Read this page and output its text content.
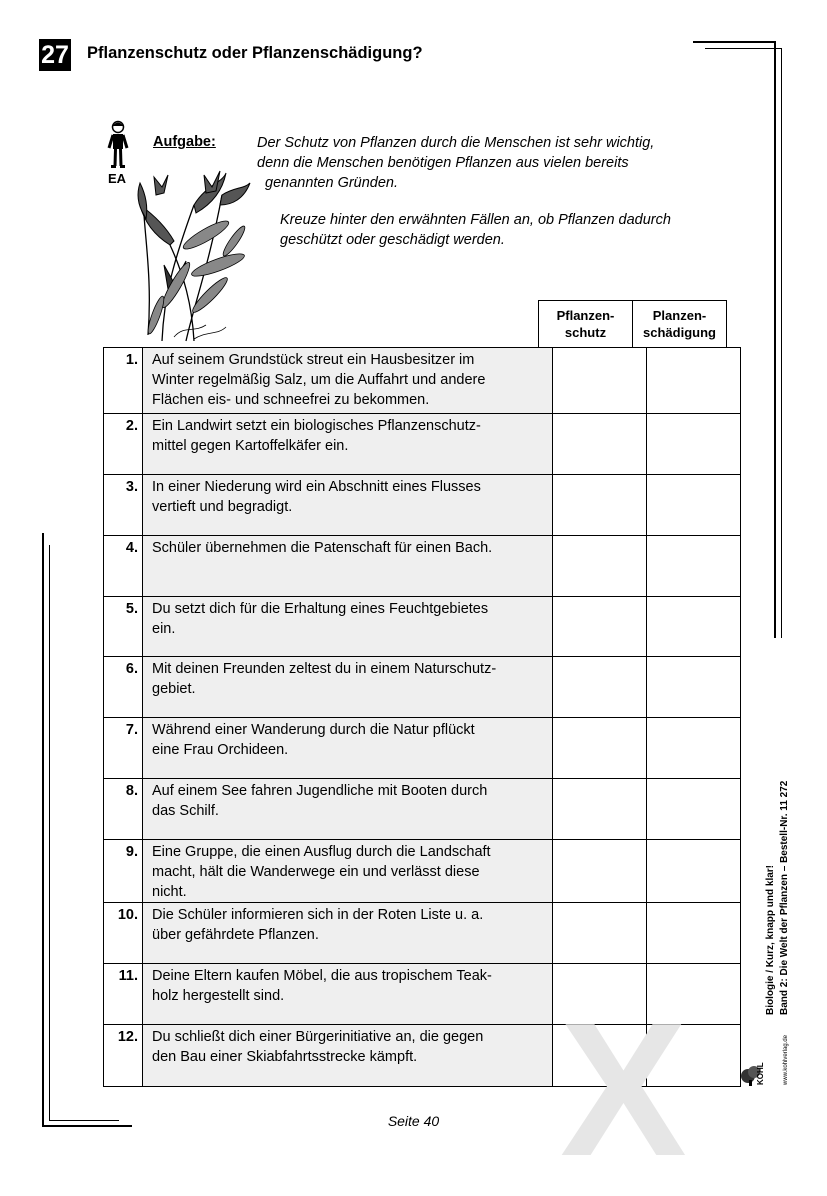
27 Pflanzenschutz oder Pflanzenschädigung?
EA
Aufgabe:	Der Schutz von Pflanzen durch die Menschen ist sehr wichtig,
denn die Menschen benötigen Pflanzen aus vielen bereits
genannten Gründen.
Kreuze hinter den erwähnten Fällen an, ob Pflanzen dadurch
geschützt oder geschädigt werden.
Pflanzen-
schutz	Planzen-
schädigung
1.	Auf seinem Grundstück streut ein Hausbesitzer im
Winter regelmäßig Salz, um die Auffahrt und andere
Flächen eis- und schneefrei zu bekommen.		

2.	Ein Landwirt setzt ein biologisches Pflanzenschutz-
mittel gegen Kartoffelkäfer ein.		

3.	In einer Niederung wird ein Abschnitt eines Flusses
vertieft und begradigt.		

4.	Schüler übernehmen die Patenschaft für einen Bach.		

5.	Du setzt dich für die Erhaltung eines Feuchtgebietes
ein.		

6.	Mit deinen Freunden zeltest du in einem Naturschutz-
gebiet.		

7.	Während einer Wanderung durch die Natur pflückt
eine Frau Orchideen.		

8.	Auf einem See fahren Jugendliche mit Booten durch
das Schilf.		

9.	Eine Gruppe, die einen Ausflug durch die Landschaft
macht, hält die Wanderwege ein und verlässt diese
nicht.		

10.	Die Schüler informieren sich in der Roten Liste u. a.
über gefährdete Pflanzen.		

11.	Deine Eltern kaufen Möbel, die aus tropischem Teak-
holz hergestellt sind.		

12.	Du schließt dich einer Bürgerinitiative an, die gegen
den Bau einer Skiabfahrtsstrecke kämpft.		

Seite 40 X
Biologie / Kurz, knapp und klar! Band 2: Die Welt der Pflanzen – Bestell-Nr. 11 272
KOHL	www.kohlverlag.de
